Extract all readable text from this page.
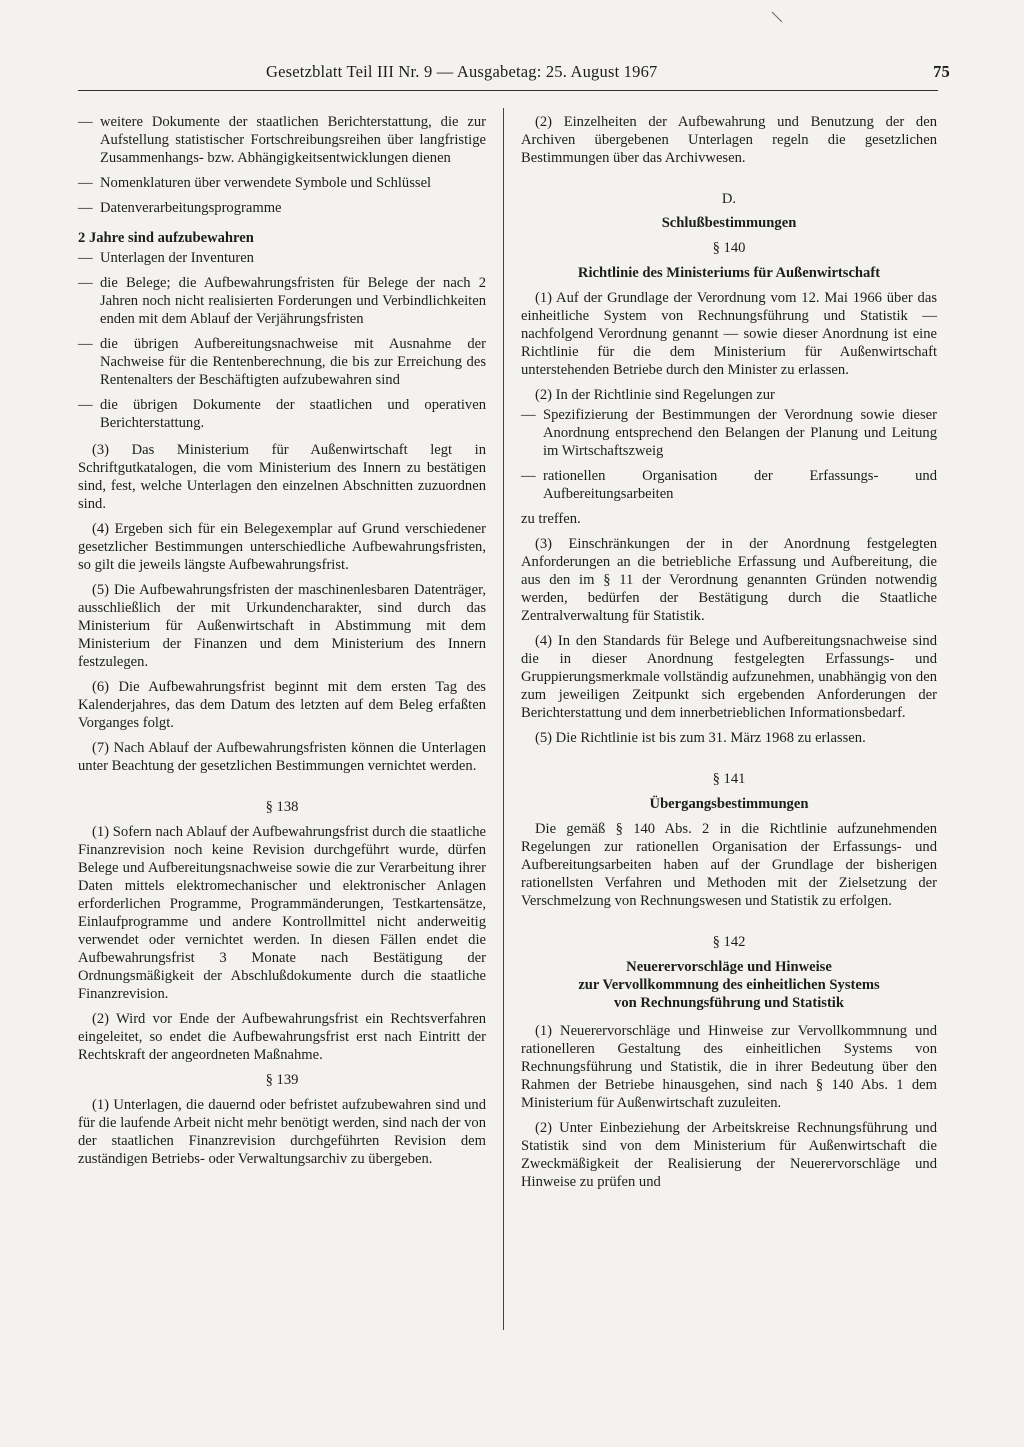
Gesetzblatt Teil III Nr. 9 — Ausgabetag: 25. August 1967	75

— weitere Dokumente der staatlichen Berichterstattung, die zur Aufstellung statistischer Fortschreibungsreihen über langfristige Zusammenhangs- bzw. Abhängigkeitsentwicklungen dienen

— Nomenklaturen über verwendete Symbole und Schlüssel

— Datenverarbeitungsprogramme

2 Jahre sind aufzubewahren

— Unterlagen der Inventuren

— die Belege; die Aufbewahrungsfristen für Belege der nach 2 Jahren noch nicht realisierten Forderungen und Verbindlichkeiten enden mit dem Ablauf der Verjährungsfristen

— die übrigen Aufbereitungsnachweise mit Ausnahme der Nachweise für die Rentenberechnung, die bis zur Erreichung des Rentenalters der Beschäftigten aufzubewahren sind

— die übrigen Dokumente der staatlichen und operativen Berichterstattung.

(3) Das Ministerium für Außenwirtschaft legt in Schriftgutkatalogen, die vom Ministerium des Innern zu bestätigen sind, fest, welche Unterlagen den einzelnen Abschnitten zuzuordnen sind.

(4) Ergeben sich für ein Belegexemplar auf Grund verschiedener gesetzlicher Bestimmungen unterschiedliche Aufbewahrungsfristen, so gilt die jeweils längste Aufbewahrungsfrist.

(5) Die Aufbewahrungsfristen der maschinenlesbaren Datenträger, ausschließlich der mit Urkundencharakter, sind durch das Ministerium für Außenwirtschaft in Abstimmung mit dem Ministerium der Finanzen und dem Ministerium des Innern festzulegen.

(6) Die Aufbewahrungsfrist beginnt mit dem ersten Tag des Kalenderjahres, das dem Datum des letzten auf dem Beleg erfaßten Vorganges folgt.

(7) Nach Ablauf der Aufbewahrungsfristen können die Unterlagen unter Beachtung der gesetzlichen Bestimmungen vernichtet werden.

§ 138

(1) Sofern nach Ablauf der Aufbewahrungsfrist durch die staatliche Finanzrevision noch keine Revision durchgeführt wurde, dürfen Belege und Aufbereitungsnachweise sowie die zur Verarbeitung ihrer Daten mittels elektromechanischer und elektronischer Anlagen erforderlichen Programme, Programmänderungen, Testkartensätze, Einlaufprogramme und andere Kontrollmittel nicht anderweitig verwendet oder vernichtet werden. In diesen Fällen endet die Aufbewahrungsfrist 3 Monate nach Bestätigung der Ordnungsmäßigkeit der Abschlußdokumente durch die staatliche Finanzrevision.

(2) Wird vor Ende der Aufbewahrungsfrist ein Rechtsverfahren eingeleitet, so endet die Aufbewahrungsfrist erst nach Eintritt der Rechtskraft der angeordneten Maßnahme.

§ 139

(1) Unterlagen, die dauernd oder befristet aufzubewahren sind und für die laufende Arbeit nicht mehr benötigt werden, sind nach der von der staatlichen Finanzrevision durchgeführten Revision dem zuständigen Betriebs- oder Verwaltungsarchiv zu übergeben.

(2) Einzelheiten der Aufbewahrung und Benutzung der den Archiven übergebenen Unterlagen regeln die gesetzlichen Bestimmungen über das Archivwesen.

D.

Schlußbestimmungen

§ 140

Richtlinie des Ministeriums für Außenwirtschaft

(1) Auf der Grundlage der Verordnung vom 12. Mai 1966 über das einheitliche System von Rechnungsführung und Statistik — nachfolgend Verordnung genannt — sowie dieser Anordnung ist eine Richtlinie für die dem Ministerium für Außenwirtschaft unterstehenden Betriebe durch den Minister zu erlassen.

(2) In der Richtlinie sind Regelungen zur

— Spezifizierung der Bestimmungen der Verordnung sowie dieser Anordnung entsprechend den Belangen der Planung und Leitung im Wirtschaftszweig

— rationellen Organisation der Erfassungs- und Aufbereitungsarbeiten

zu treffen.

(3) Einschränkungen der in der Anordnung festgelegten Anforderungen an die betriebliche Erfassung und Aufbereitung, die aus den im § 11 der Verordnung genannten Gründen notwendig werden, bedürfen der Bestätigung durch die Staatliche Zentralverwaltung für Statistik.

(4) In den Standards für Belege und Aufbereitungsnachweise sind die in dieser Anordnung festgelegten Erfassungs- und Gruppierungsmerkmale vollständig aufzunehmen, unabhängig von den zum jeweiligen Zeitpunkt sich ergebenden Anforderungen der Berichterstattung und dem innerbetrieblichen Informationsbedarf.

(5) Die Richtlinie ist bis zum 31. März 1968 zu erlassen.

§ 141

Übergangsbestimmungen

Die gemäß § 140 Abs. 2 in die Richtlinie aufzunehmenden Regelungen zur rationellen Organisation der Erfassungs- und Aufbereitungsarbeiten haben auf der Grundlage der bisherigen rationellsten Verfahren und Methoden mit der Zielsetzung der Verschmelzung von Rechnungswesen und Statistik zu erfolgen.

§ 142

Neuerervorschläge und Hinweise

zur Vervollkommnung des einheitlichen Systems

von Rechnungsführung und Statistik

(1) Neuerervorschläge und Hinweise zur Vervollkommnung und rationelleren Gestaltung des einheitlichen Systems von Rechnungsführung und Statistik, die in ihrer Bedeutung über den Rahmen der Betriebe hinausgehen, sind nach § 140 Abs. 1 dem Ministerium für Außenwirtschaft zuzuleiten.

(2) Unter Einbeziehung der Arbeitskreise Rechnungsführung und Statistik sind von dem Ministerium für Außenwirtschaft die Zweckmäßigkeit der Realisierung der Neuerervorschläge und Hinweise zu prüfen und
